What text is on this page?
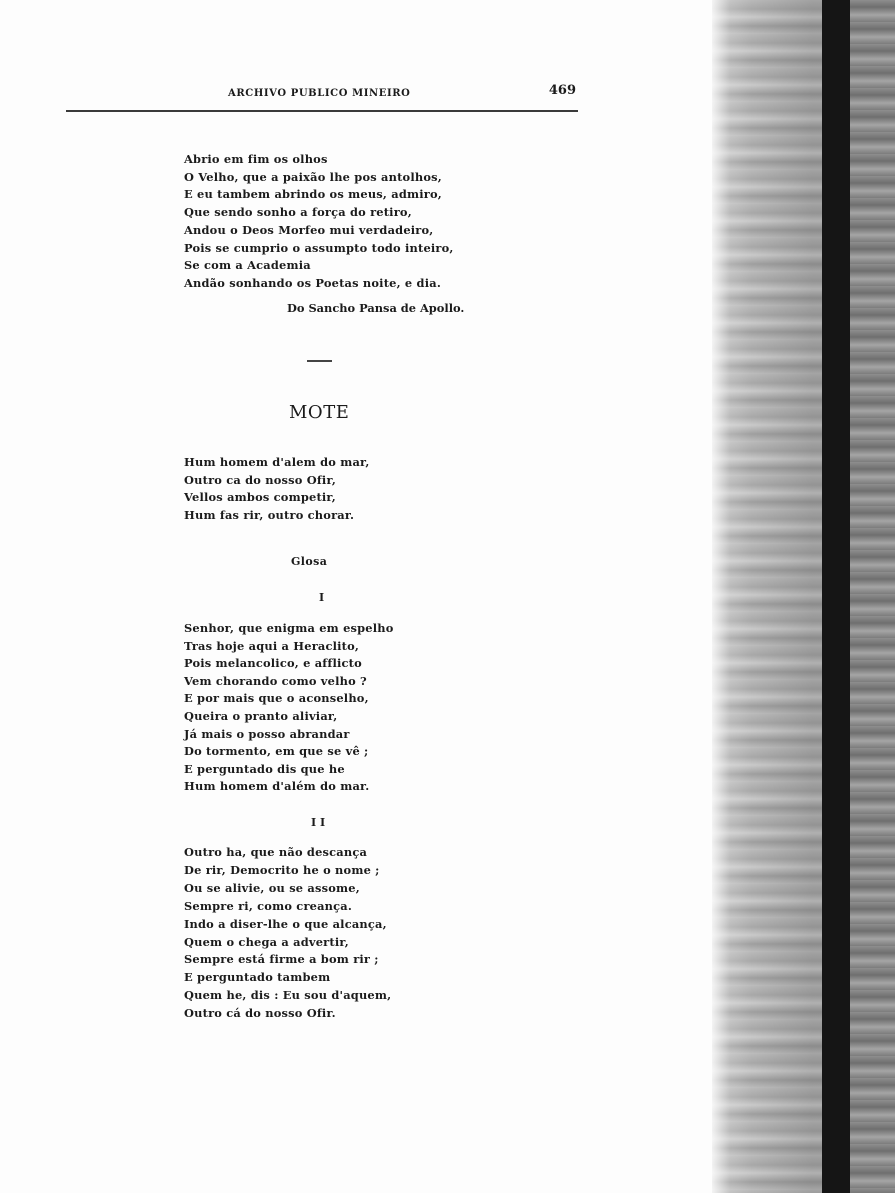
ARCHIVO PUBLICO MINEIRO	469
Abrio em fim os olhos
O Velho, que a paixão lhe pos antolhos,
E eu tambem abrindo os meus, admiro,
Que sendo sonho a força do retiro,
Andou o Deos Morfeo mui verdadeiro,
Pois se cumprio o assumpto todo inteiro,
Se com a Academia
Andão sonhando os Poetas noite, e dia.
Do Sancho Pansa de Apollo.
MOTE
Hum homem d'alem do mar,
Outro ca do nosso Ofir,
Vellos ambos competir,
Hum fas rir, outro chorar.
Glosa
I
Senhor, que enigma em espelho
Tras hoje aqui a Heraclito,
Pois melancolico, e afflicto
Vem chorando como velho ?
E por mais que o aconselho,
Queira o pranto aliviar,
Já mais o posso abrandar
Do tormento, em que se vê ;
E perguntado dis que he
Hum homem d'além do mar.
I I
Outro ha, que não descança
De rir, Democrito he o nome ;
Ou se alivie, ou se assome,
Sempre ri, como creança.
Indo a diser-lhe o que alcança,
Quem o chega a advertir,
Sempre está firme a bom rir ;
E perguntado tambem
Quem he, dis : Eu sou d'aquem,
Outro cá do nosso Ofir.
